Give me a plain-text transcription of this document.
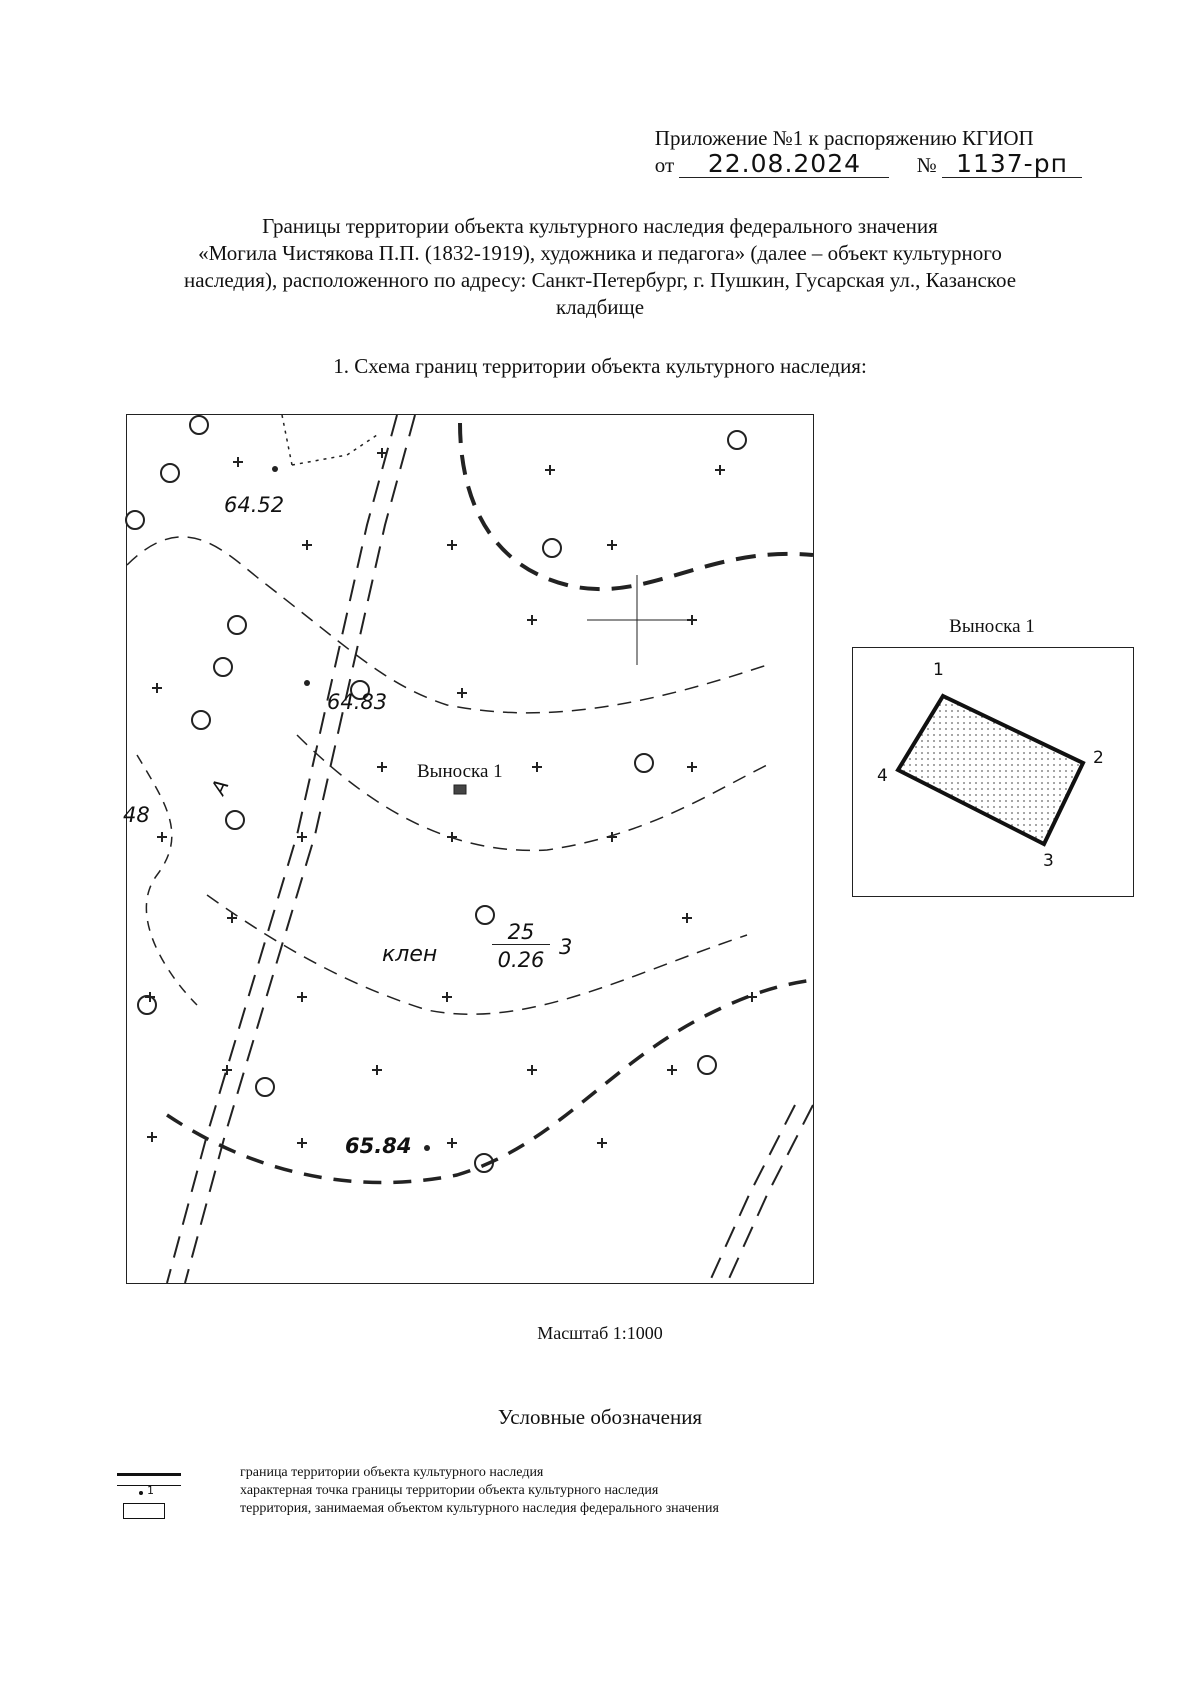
Приложение №1 к распоряжению КГИОП
от 22.08.2024	№ 1137-рп
Границы территории объекта культурного наследия федерального значения
«Могила Чистякова П.П. (1832-1919), художника и педагога» (далее – объект культурного
наследия), расположенного по адресу: Санкт-Петербург, г. Пушкин, Гусарская ул., Казанское
кладбище
1. Схема границ территории объекта культурного наследия:
64.52
64.83
65.84
48
А
Выноска 1
клен
25
0.26
3
Выноска 1
1
2
3
4
Масштаб 1:1000
Условные обозначения
граница территории объекта культурного наследия
1	характерная точка границы территории объекта культурного наследия
территория, занимаемая объектом культурного наследия федерального значения
